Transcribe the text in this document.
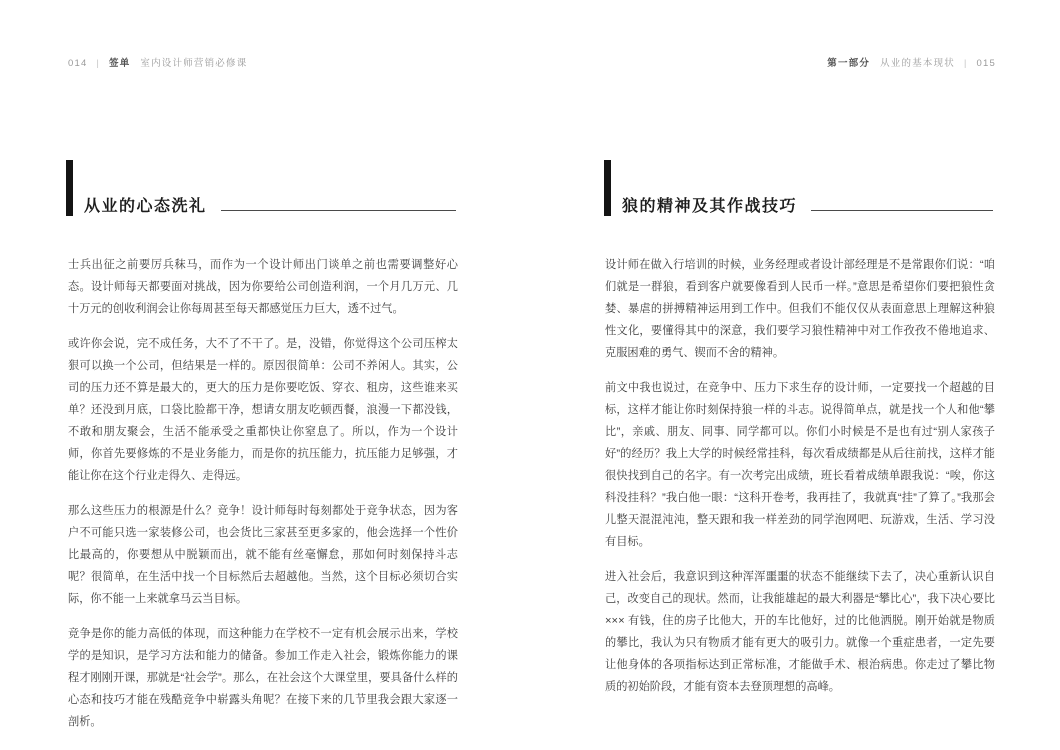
014 | 签单 室内设计师营销必修课	第一部分 从业的基本现状 | 015
从业的心态洗礼	狼的精神及其作战技巧

士兵出征之前要厉兵秣马，而作为一个设计师出门谈单之前也需要调整好心态。设计师每天都要面对挑战，因为你要给公司创造利润，一个月几万元、几十万元的创收利润会让你每周甚至每天都感觉压力巨大，透不过气。

或许你会说，完不成任务，大不了不干了。是，没错，你觉得这个公司压榨太狠可以换一个公司，但结果是一样的。原因很简单：公司不养闲人。其实，公司的压力还不算是最大的，更大的压力是你要吃饭、穿衣、租房，这些谁来买单？还没到月底，口袋比脸都干净，想请女朋友吃顿西餐，浪漫一下都没钱，不敢和朋友聚会，生活不能承受之重都快让你窒息了。所以，作为一个设计师，你首先要修炼的不是业务能力，而是你的抗压能力，抗压能力足够强，才能让你在这个行业走得久、走得远。

那么这些压力的根源是什么？竞争！设计师每时每刻都处于竞争状态，因为客户不可能只选一家装修公司，也会货比三家甚至更多家的，他会选择一个性价比最高的，你要想从中脱颖而出，就不能有丝毫懈怠，那如何时刻保持斗志呢？很简单，在生活中找一个目标然后去超越他。当然，这个目标必须切合实际，你不能一上来就拿马云当目标。

竞争是你的能力高低的体现，而这种能力在学校不一定有机会展示出来，学校学的是知识，是学习方法和能力的储备。参加工作走入社会，锻炼你能力的课程才刚刚开课，那就是“社会学”。那么，在社会这个大课堂里，要具备什么样的心态和技巧才能在残酷竞争中崭露头角呢？在接下来的几节里我会跟大家逐一剖析。

设计师在做入行培训的时候，业务经理或者设计部经理是不是常跟你们说：“咱们就是一群狼，看到客户就要像看到人民币一样。”意思是希望你们要把狼性贪婪、暴虐的拼搏精神运用到工作中。但我们不能仅仅从表面意思上理解这种狼性文化，要懂得其中的深意，我们要学习狼性精神中对工作孜孜不倦地追求、克服困难的勇气、锲而不舍的精神。

前文中我也说过，在竞争中、压力下求生存的设计师，一定要找一个超越的目标，这样才能让你时刻保持狼一样的斗志。说得简单点，就是找一个人和他“攀比”，亲戚、朋友、同事、同学都可以。你们小时候是不是也有过“别人家孩子好”的经历？我上大学的时候经常挂科，每次看成绩都是从后往前找，这样才能很快找到自己的名字。有一次考完出成绩，班长看着成绩单跟我说：“唉，你这科没挂科？”我白他一眼：“这科开卷考，我再挂了，我就真“挂”了算了。”我那会儿整天混混沌沌，整天跟和我一样差劲的同学泡网吧、玩游戏，生活、学习没有目标。

进入社会后，我意识到这种浑浑噩噩的状态不能继续下去了，决心重新认识自己，改变自己的现状。然而，让我能雄起的最大利器是“攀比心”，我下决心要比 ××× 有钱，住的房子比他大，开的车比他好，过的比他洒脱。刚开始就是物质的攀比，我认为只有物质才能有更大的吸引力。就像一个重症患者，一定先要让他身体的各项指标达到正常标准，才能做手术、根治病患。你走过了攀比物质的初始阶段，才能有资本去登顶理想的高峰。
